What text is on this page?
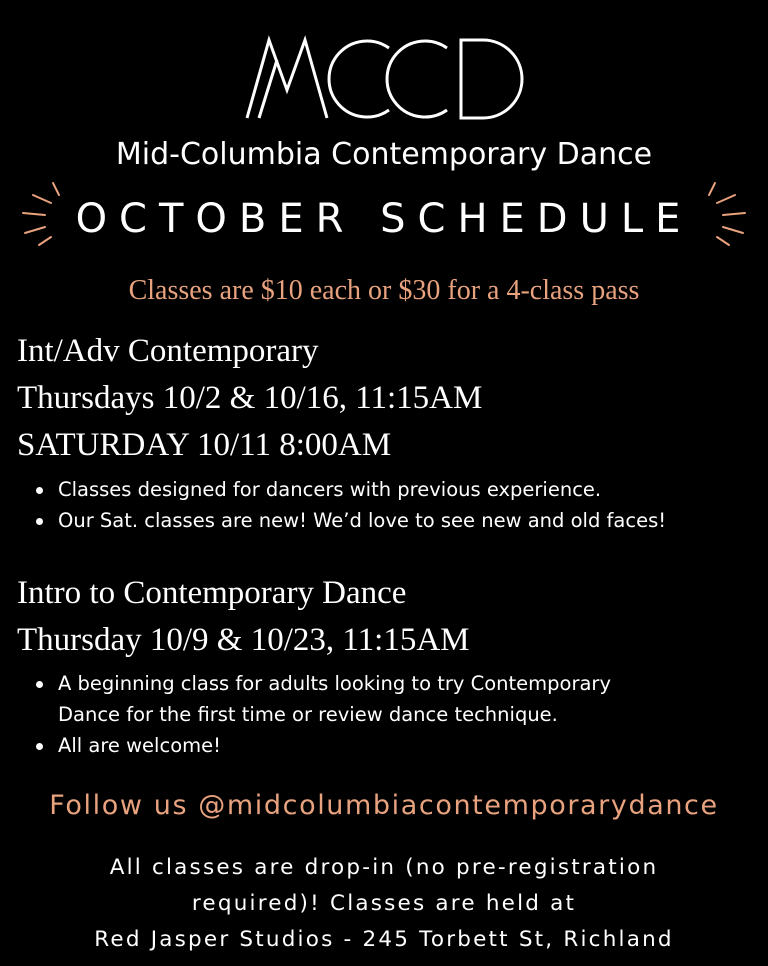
Mid-Columbia Contemporary Dance
OCTOBER SCHEDULE
Classes are $10 each or $30 for a 4-class pass
Int/Adv Contemporary
Thursdays 10/2 & 10/16, 11:15AM
SATURDAY 10/11 8:00AM
Classes designed for dancers with previous experience.
Our Sat. classes are new! We’d love to see new and old faces!
Intro to Contemporary Dance
Thursday 10/9 & 10/23, 11:15AM
A beginning class for adults looking to try Contemporary
Dance for the first time or review dance technique.
All are welcome!
Follow us @midcolumbiacontemporarydance
All classes are drop-in (no pre-registration
required)! Classes are held at
Red Jasper Studios - 245 Torbett St, Richland
